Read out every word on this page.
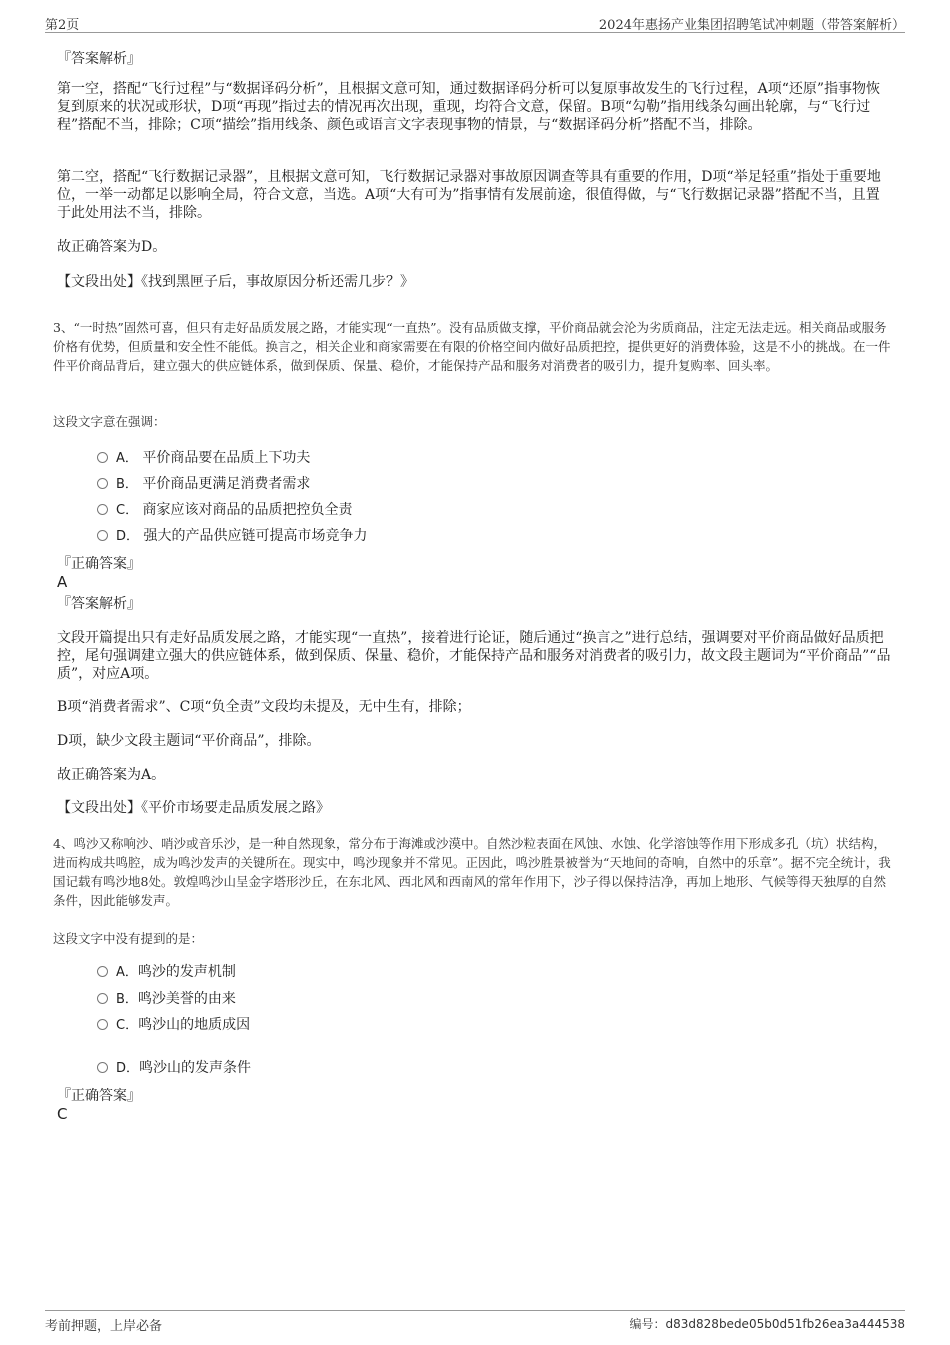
第2页	2024年惠扬产业集团招聘笔试冲刺题（带答案解析）
『答案解析』
第一空，搭配“飞行过程”与“数据译码分析”，且根据文意可知，通过数据译码分析可以复原事故发生的飞行过程，A项“还原”指事物恢复到原来的状况或形状，D项“再现”指过去的情况再次出现，重现，均符合文意，保留。B项“勾勒”指用线条勾画出轮廓，与“飞行过程”搭配不当，排除；C项“描绘”指用线条、颜色或语言文字表现事物的情景，与“数据译码分析”搭配不当，排除。
第二空，搭配“飞行数据记录器”，且根据文意可知，飞行数据记录器对事故原因调查等具有重要的作用，D项“举足轻重”指处于重要地位，一举一动都足以影响全局，符合文意，当选。A项“大有可为”指事情有发展前途，很值得做，与“飞行数据记录器”搭配不当，且置于此处用法不当，排除。
故正确答案为D。
【文段出处】《找到黑匣子后，事故原因分析还需几步？》
3、“一时热”固然可喜，但只有走好品质发展之路，才能实现“一直热”。没有品质做支撑，平价商品就会沦为劣质商品，注定无法走远。相关商品或服务价格有优势，但质量和安全性不能低。换言之，相关企业和商家需要在有限的价格空间内做好品质把控，提供更好的消费体验，这是不小的挑战。在一件件平价商品背后，建立强大的供应链体系，做到保质、保量、稳价，才能保持产品和服务对消费者的吸引力，提升复购率、回头率。
这段文字意在强调：
A． 平价商品要在品质上下功夫
B． 平价商品更满足消费者需求
C． 商家应该对商品的品质把控负全责
D． 强大的产品供应链可提高市场竞争力
『正确答案』
A
『答案解析』
文段开篇提出只有走好品质发展之路，才能实现“一直热”，接着进行论证，随后通过“换言之”进行总结，强调要对平价商品做好品质把控，尾句强调建立强大的供应链体系，做到保质、保量、稳价，才能保持产品和服务对消费者的吸引力，故文段主题词为“平价商品”“品质”，对应A项。
B项“消费者需求”、C项“负全责”文段均未提及，无中生有，排除；
D项，缺少文段主题词“平价商品”，排除。
故正确答案为A。
【文段出处】《平价市场要走品质发展之路》
4、鸣沙又称响沙、哨沙或音乐沙，是一种自然现象，常分布于海滩或沙漠中。自然沙粒表面在风蚀、水蚀、化学溶蚀等作用下形成多孔（坑）状结构，进而构成共鸣腔，成为鸣沙发声的关键所在。现实中，鸣沙现象并不常见。正因此，鸣沙胜景被誉为“天地间的奇响，自然中的乐章”。据不完全统计，我国记载有鸣沙地8处。敦煌鸣沙山呈金字塔形沙丘，在东北风、西北风和西南风的常年作用下，沙子得以保持洁净，再加上地形、气候等得天独厚的自然条件，因此能够发声。
这段文字中没有提到的是：
A．鸣沙的发声机制
B．鸣沙美誉的由来
C．鸣沙山的地质成因
D．鸣沙山的发声条件
『正确答案』
C
考前押题，上岸必备	编号：d83d828bede05b0d51fb26ea3a444538
